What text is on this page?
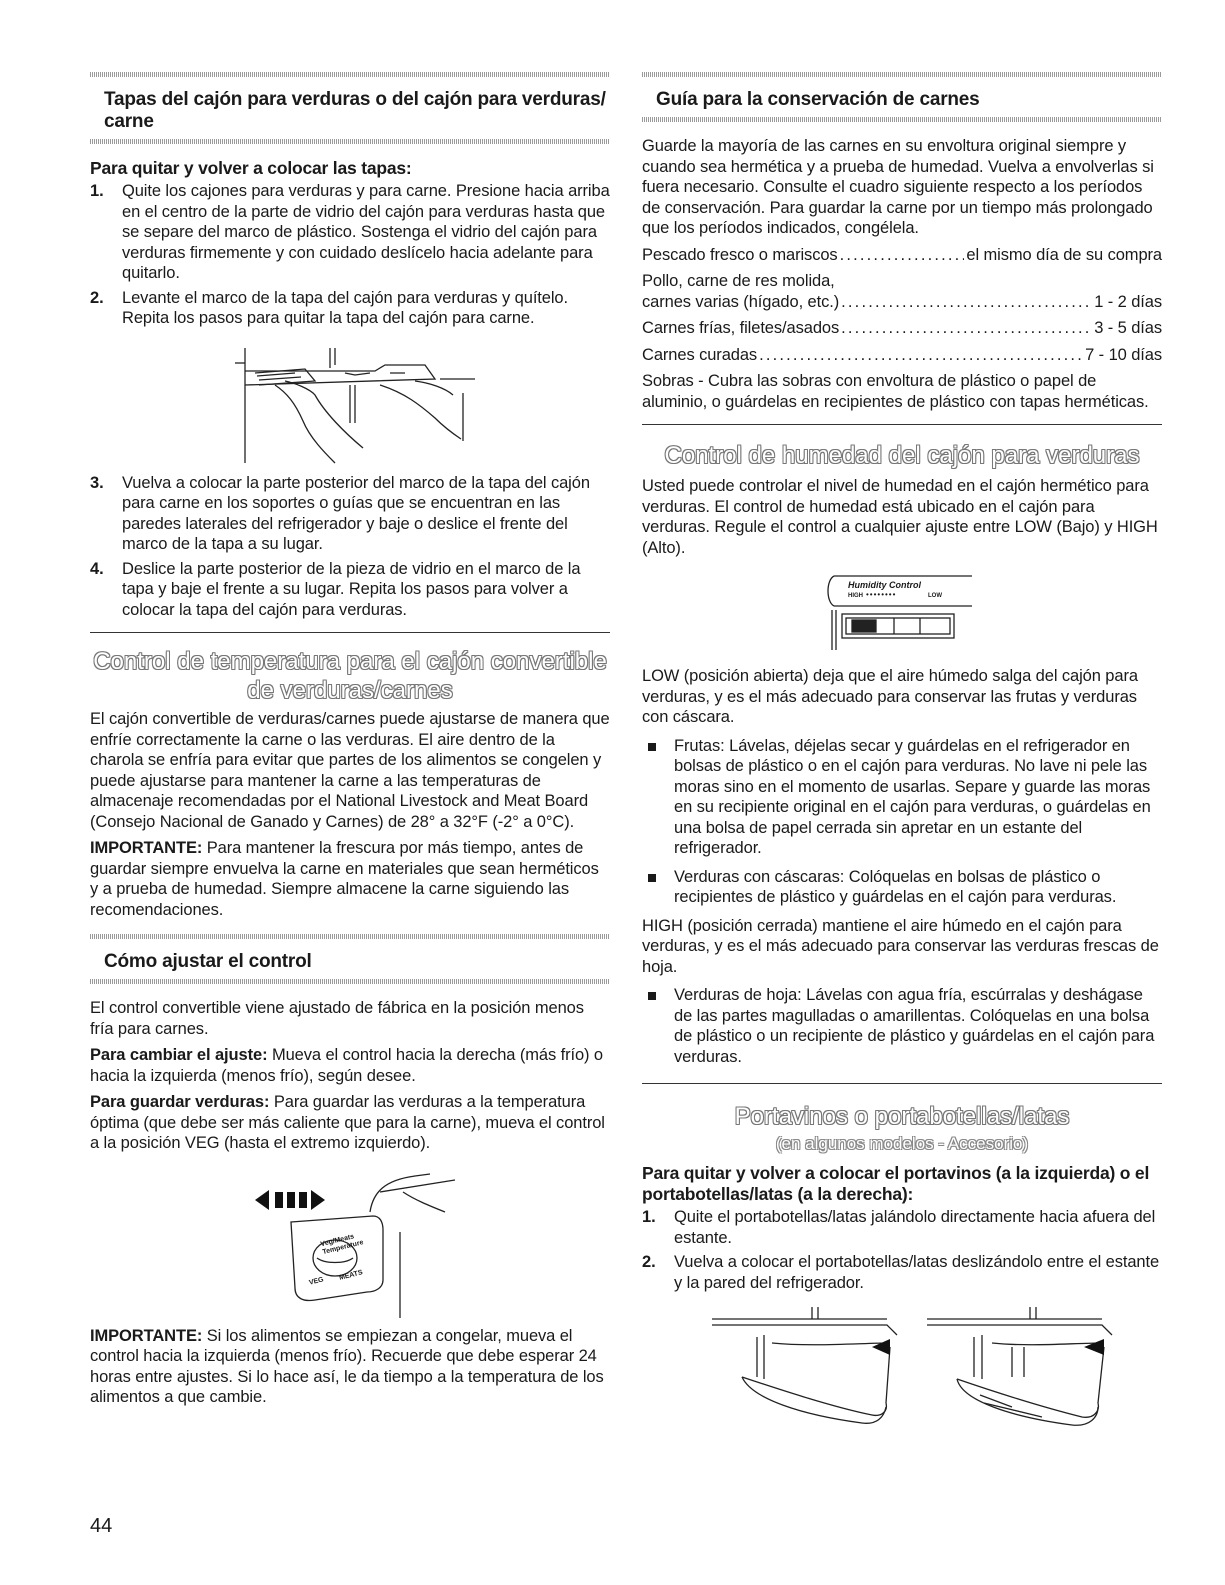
Tapas del cajón para verduras o del cajón para verduras/ carne
Para quitar y volver a colocar las tapas:
1. Quite los cajones para verduras y para carne. Presione hacia arriba en el centro de la parte de vidrio del cajón para verduras hasta que se separe del marco de plástico. Sostenga el vidrio del cajón para verduras firmemente y con cuidado deslícelo hacia adelante para quitarlo.
2. Levante el marco de la tapa del cajón para verduras y quítelo. Repita los pasos para quitar la tapa del cajón para carne.
3. Vuelva a colocar la parte posterior del marco de la tapa del cajón para carne en los soportes o guías que se encuentran en las paredes laterales del refrigerador y baje o deslice el frente del marco de la tapa a su lugar.
4. Deslice la parte posterior de la pieza de vidrio en el marco de la tapa y baje el frente a su lugar. Repita los pasos para volver a colocar la tapa del cajón para verduras.
Control de temperatura para el cajón convertible de verduras/carnes

El cajón convertible de verduras/carnes puede ajustarse de manera que enfríe correctamente la carne o las verduras. El aire dentro de la charola se enfría para evitar que partes de los alimentos se congelen y puede ajustarse para mantener la carne a las temperaturas de almacenaje recomendadas por el National Livestock and Meat Board (Consejo Nacional de Ganado y Carnes) de 28° a 32°F (-2° a 0°C).

IMPORTANTE: Para mantener la frescura por más tiempo, antes de guardar siempre envuelva la carne en materiales que sean herméticos y a prueba de humedad. Siempre almacene la carne siguiendo las recomendaciones.

Cómo ajustar el control

El control convertible viene ajustado de fábrica en la posición menos fría para carnes.

Para cambiar el ajuste: Mueva el control hacia la derecha (más frío) o hacia la izquierda (menos frío), según desee.

Para guardar verduras: Para guardar las verduras a la temperatura óptima (que debe ser más caliente que para la carne), mueva el control a la posición VEG (hasta el extremo izquierdo).

Veg/Meats Temperature
VEG MEATS

IMPORTANTE: Si los alimentos se empiezan a congelar, mueva el control hacia la izquierda (menos frío). Recuerde que debe esperar 24 horas entre ajustes. Si lo hace así, le da tiempo a la temperatura de los alimentos a que cambie.

Guía para la conservación de carnes

Guarde la mayoría de las carnes en su envoltura original siempre y cuando sea hermética y a prueba de humedad. Vuelva a envolverlas si fuera necesario. Consulte el cuadro siguiente respecto a los períodos de conservación. Para guardar la carne por un tiempo más prolongado que los períodos indicados, congélela.

Pescado fresco o mariscos . . .	el mismo día de su compra

Pollo, carne de res molida,

carnes varias (hígado, etc.) . . .	1 - 2 días
Carnes frías, filetes/asados . . .	3 - 5 días
Carnes curadas . . .	7 - 10 días

Sobras - Cubra las sobras con envoltura de plástico o papel de aluminio, o guárdelas en recipientes de plástico con tapas herméticas.

Control de humedad del cajón para verduras

Usted puede controlar el nivel de humedad en el cajón hermético para verduras. El control de humedad está ubicado en el cajón para verduras. Regule el control a cualquier ajuste entre LOW (Bajo) y HIGH (Alto).

Humidity Control
HIGH ••••••••	LOW

LOW (posición abierta) deja que el aire húmedo salga del cajón para verduras, y es el más adecuado para conservar las frutas y verduras con cáscara.

Frutas: Lávelas, déjelas secar y guárdelas en el refrigerador en bolsas de plástico o en el cajón para verduras. No lave ni pele las moras sino en el momento de usarlas. Separe y guarde las moras en su recipiente original en el cajón para verduras, o guárdelas en una bolsa de papel cerrada sin apretar en un estante del refrigerador.
Verduras con cáscaras: Colóquelas en bolsas de plástico o recipientes de plástico y guárdelas en el cajón para verduras.

HIGH (posición cerrada) mantiene el aire húmedo en el cajón para verduras, y es el más adecuado para conservar las verduras frescas de hoja.

Verduras de hoja: Lávelas con agua fría, escúrralas y deshágase de las partes magulladas o amarillentas. Colóquelas en una bolsa de plástico o un recipiente de plástico y guárdelas en el cajón para verduras.
Portavinos o portabotellas/latas
(en algunos modelos - Accesorio)
Para quitar y volver a colocar el portavinos (a la izquierda) o el portabotellas/latas (a la derecha):
1. Quite el portabotellas/latas jalándolo directamente hacia afuera del estante.
2. Vuelva a colocar el portabotellas/latas deslizándolo entre el estante y la pared del refrigerador.
44
